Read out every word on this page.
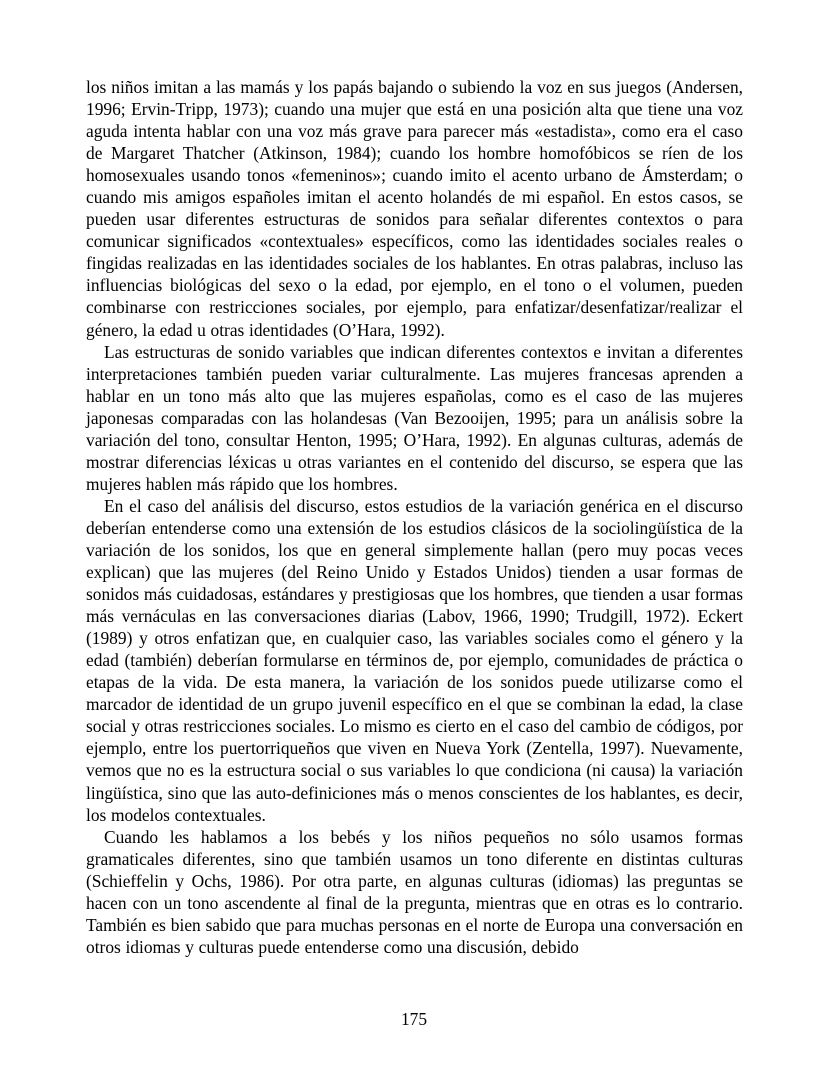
los niños imitan a las mamás y los papás bajando o subiendo la voz en sus juegos (Andersen, 1996; Ervin-Tripp, 1973); cuando una mujer que está en una posición alta que tiene una voz aguda intenta hablar con una voz más grave para parecer más «estadista», como era el caso de Margaret Thatcher (Atkinson, 1984); cuando los hombre homofóbicos se ríen de los homosexuales usando tonos «femeninos»; cuando imito el acento urbano de Ámsterdam; o cuando mis amigos españoles imitan el acento holandés de mi español. En estos casos, se pueden usar diferentes estructuras de sonidos para señalar diferentes contextos o para comunicar significados «contextuales» específicos, como las identidades sociales reales o fingidas realizadas en las identidades sociales de los hablantes. En otras palabras, incluso las influencias biológicas del sexo o la edad, por ejemplo, en el tono o el volumen, pueden combinarse con restricciones sociales, por ejemplo, para enfatizar/desenfatizar/realizar el género, la edad u otras identidades (O’Hara, 1992).

Las estructuras de sonido variables que indican diferentes contextos e invitan a diferentes interpretaciones también pueden variar culturalmente. Las mujeres francesas aprenden a hablar en un tono más alto que las mujeres españolas, como es el caso de las mujeres japonesas comparadas con las holandesas (Van Bezooijen, 1995; para un análisis sobre la variación del tono, consultar Henton, 1995; O’Hara, 1992). En algunas culturas, además de mostrar diferencias léxicas u otras variantes en el contenido del discurso, se espera que las mujeres hablen más rápido que los hombres.

En el caso del análisis del discurso, estos estudios de la variación genérica en el discurso deberían entenderse como una extensión de los estudios clásicos de la sociolingüística de la variación de los sonidos, los que en general simplemente hallan (pero muy pocas veces explican) que las mujeres (del Reino Unido y Estados Unidos) tienden a usar formas de sonidos más cuidadosas, estándares y prestigiosas que los hombres, que tienden a usar formas más vernáculas en las conversaciones diarias (Labov, 1966, 1990; Trudgill, 1972). Eckert (1989) y otros enfatizan que, en cualquier caso, las variables sociales como el género y la edad (también) deberían formularse en términos de, por ejemplo, comunidades de práctica o etapas de la vida. De esta manera, la variación de los sonidos puede utilizarse como el marcador de identidad de un grupo juvenil específico en el que se combinan la edad, la clase social y otras restricciones sociales. Lo mismo es cierto en el caso del cambio de códigos, por ejemplo, entre los puertorriqueños que viven en Nueva York (Zentella, 1997). Nuevamente, vemos que no es la estructura social o sus variables lo que condiciona (ni causa) la variación lingüística, sino que las auto-definiciones más o menos conscientes de los hablantes, es decir, los modelos contextuales.

Cuando les hablamos a los bebés y los niños pequeños no sólo usamos formas gramaticales diferentes, sino que también usamos un tono diferente en distintas culturas (Schieffelin y Ochs, 1986). Por otra parte, en algunas culturas (idiomas) las preguntas se hacen con un tono ascendente al final de la pregunta, mientras que en otras es lo contrario. También es bien sabido que para muchas personas en el norte de Europa una conversación en otros idiomas y culturas puede entenderse como una discusión, debido

175
